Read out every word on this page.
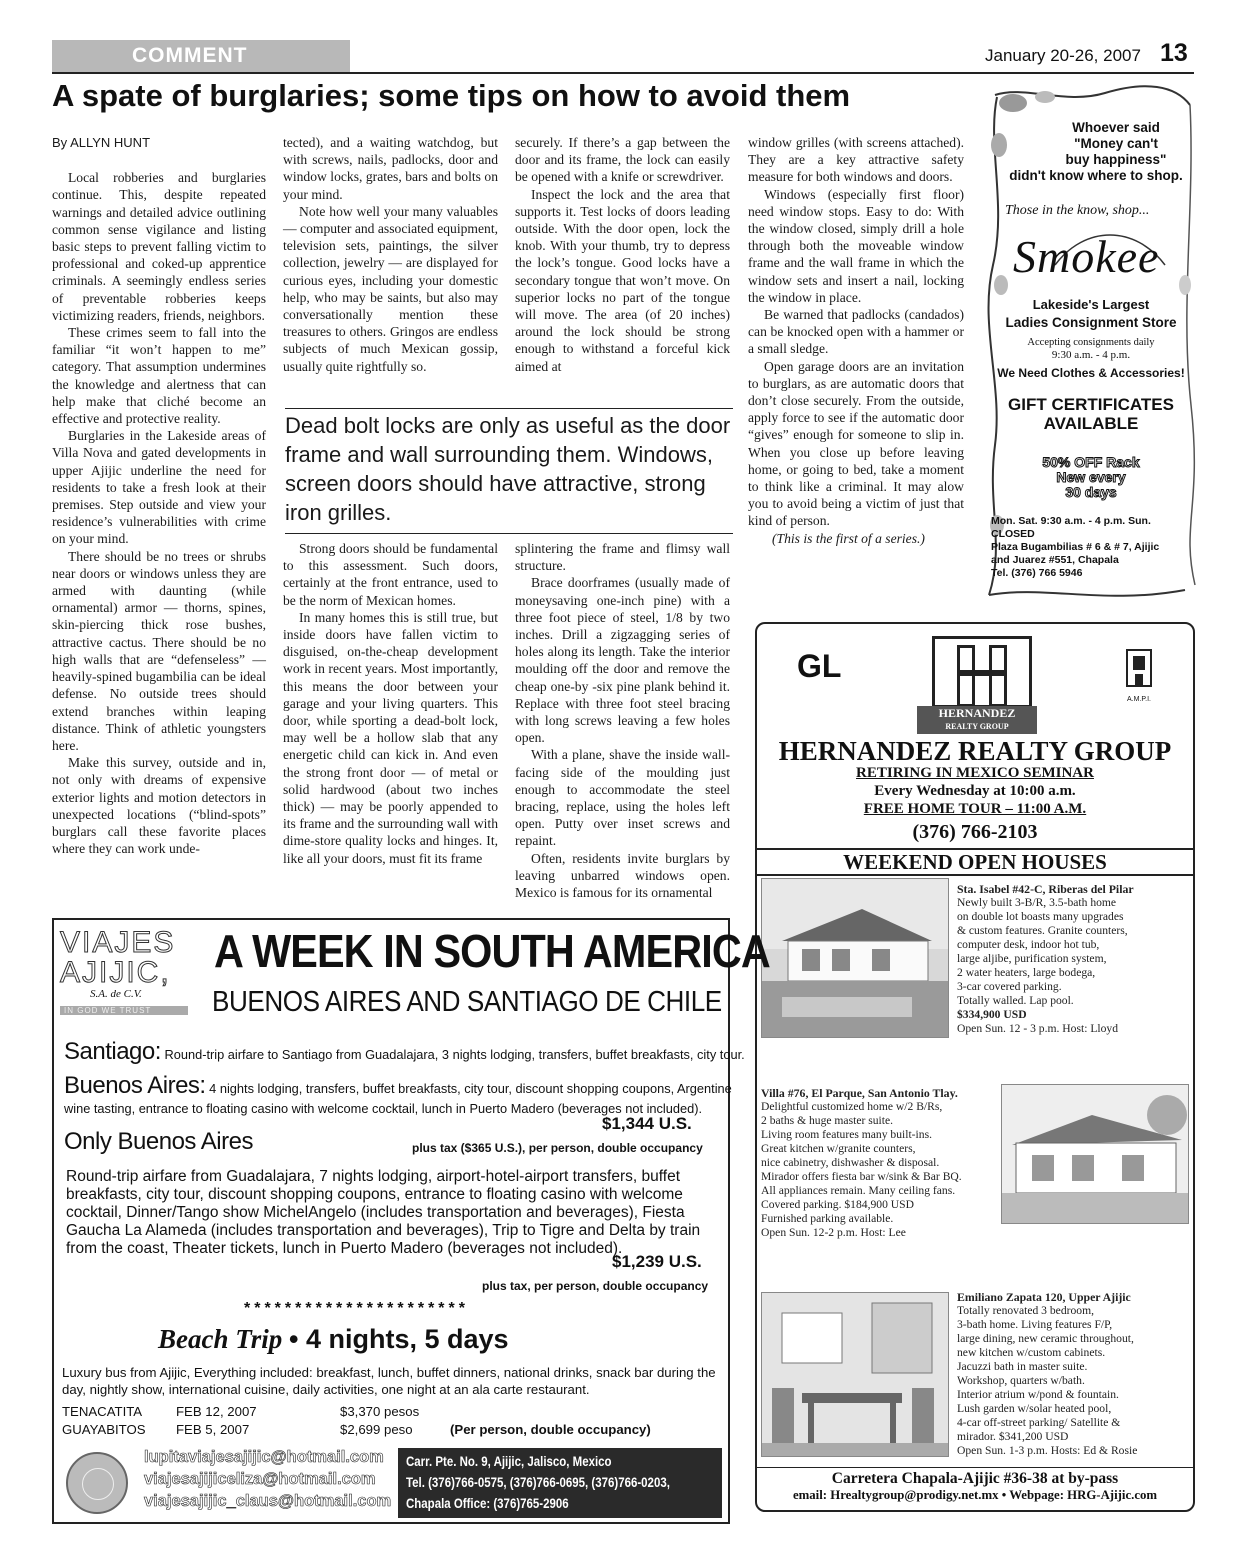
COMMENT	January 20-26, 2007 13
A spate of burglaries; some tips on how to avoid them

By ALLYN HUNT

Local robberies and burglaries continue. This, despite repeated warnings and detailed advice outlining common sense vigilance and listing basic steps to prevent falling victim to professional and coked-up apprentice criminals. A seemingly endless series of preventable robberies keeps victimizing readers, friends, neighbors.

These crimes seem to fall into the familiar “it won’t happen to me” category. That assumption undermines the knowledge and alertness that can help make that cliché become an effective and protective reality.

Burglaries in the Lakeside areas of Villa Nova and gated developments in upper Ajijic underline the need for residents to take a fresh look at their premises. Step outside and view your residence’s vulnerabilities with crime on your mind.

There should be no trees or shrubs near doors or windows unless they are armed with daunting (while ornamental) armor — thorns, spines, skin-piercing thick rose bushes, attractive cactus. There should be no high walls that are “defenseless” — heavily-spined bugambilia can be ideal defense. No outside trees should extend branches within leaping distance. Think of athletic youngsters here.

Make this survey, outside and in, not only with dreams of expensive exterior lights and motion detectors in unexpected locations (“blind-spots” burglars call these favorite places where they can work unde-

tected), and a waiting watchdog, but with screws, nails, padlocks, door and window locks, grates, bars and bolts on your mind.

Note how well your many valuables — computer and associated equipment, television sets, paintings, the silver collection, jewelry — are displayed for curious eyes, including your domestic help, who may be saints, but also may conversationally mention these treasures to others. Gringos are endless subjects of much Mexican gossip, usually quite rightfully so.

securely. If there’s a gap between the door and its frame, the lock can easily be opened with a knife or screwdriver.

Inspect the lock and the area that supports it. Test locks of doors leading outside. With the door open, lock the knob. With your thumb, try to depress the lock’s tongue. Good locks have a secondary tongue that won’t move. On superior locks no part of the tongue will move. The area (of 20 inches) around the lock should be strong enough to withstand a forceful kick aimed at

Dead bolt locks are only as useful as the door frame and wall surrounding them. Windows, screen doors should have attractive, strong iron grilles.

Strong doors should be fundamental to this assessment. Such doors, certainly at the front entrance, used to be the norm of Mexican homes.

In many homes this is still true, but inside doors have fallen victim to disguised, on-the-cheap development work in recent years. Most importantly, this means the door between your garage and your living quarters. This door, while sporting a dead-bolt lock, may well be a hollow slab that any energetic child can kick in. And even the strong front door — of metal or solid hardwood (about two inches thick) — may be poorly appended to its frame and the surrounding wall with dime-store quality locks and hinges. It, like all your doors, must fit its frame

splintering the frame and flimsy wall structure.

Brace doorframes (usually made of moneysaving one-inch pine) with a three foot piece of steel, 1/8 by two inches. Drill a zigzagging series of holes along its length. Take the interior moulding off the door and remove the cheap one-by -six pine plank behind it. Replace with three foot steel bracing with long screws leaving a few holes open.

With a plane, shave the inside wall-facing side of the moulding just enough to accommodate the steel bracing, replace, using the holes left open. Putty over inset screws and repaint.

Often, residents invite burglars by leaving unbarred windows open. Mexico is famous for its ornamental

window grilles (with screens attached). They are a key attractive safety measure for both windows and doors.

Windows (especially first floor) need window stops. Easy to do: With the window closed, simply drill a hole through both the moveable window frame and the wall frame in which the window sets and insert a nail, locking the window in place.

Be warned that padlocks (candados) can be knocked open with a hammer or a small sledge.

Open garage doors are an invitation to burglars, as are automatic doors that don’t close securely. From the outside, apply force to see if the automatic door “gives” enough for someone to slip in. When you close up before leaving home, or going to bed, take a moment to think like a criminal. It may alow you to avoid being a victim of just that kind of person.

(This is the first of a series.)

Whoever said
"Money can't
buy happiness"
didn't know where to shop.
Those in the know, shop...
Smokee
Lakeside's Largest
Ladies Consignment Store
Accepting consignments daily
9:30 a.m. - 4 p.m.
We Need Clothes & Accessories!
GIFT CERTIFICATES
AVAILABLE
50% OFF Rack
New every
30 days
Mon. Sat. 9:30 a.m. - 4 p.m. Sun.
CLOSED
Plaza Bugambilias # 6 & # 7, Ajijic
and Juarez #551, Chapala
Tel. (376) 766 5946
GL
HERNANDEZ
REALTY GROUP
A.M.P.I.
HERNANDEZ REALTY GROUP
RETIRING IN MEXICO SEMINAR
Every Wednesday at 10:00 a.m.
FREE HOME TOUR – 11:00 A.M.
(376) 766-2103
WEEKEND OPEN HOUSES
Sta. Isabel #42-C, Riberas del Pilar
Newly built 3-B/R, 3.5-bath home
on double lot boasts many upgrades
& custom features. Granite counters,
computer desk, indoor hot tub,
large aljibe, purification system,
2 water heaters, large bodega,
3-car covered parking.
Totally walled. Lap pool.
$334,900 USD
Open Sun. 12 - 3 p.m. Host: Lloyd
Villa #76, El Parque, San Antonio Tlay.
Delightful customized home w/2 B/Rs,
2 baths & huge master suite.
Living room features many built-ins.
Great kitchen w/granite counters,
nice cabinetry, dishwasher & disposal.
Mirador offers fiesta bar w/sink & Bar BQ.
All appliances remain. Many ceiling fans.
Covered parking. $184,900 USD
Furnished parking available.
Open Sun. 12-2 p.m. Host: Lee
Emiliano Zapata 120, Upper Ajijic
Totally renovated 3 bedroom,
3-bath home. Living features F/P,
large dining, new ceramic throughout,
new kitchen w/custom cabinets.
Jacuzzi bath in master suite.
Workshop, quarters w/bath.
Interior atrium w/pond & fountain.
Lush garden w/solar heated pool,
4-car off-street parking/ Satellite &
mirador. $341,200 USD
Open Sun. 1-3 p.m. Hosts: Ed & Rosie
Carretera Chapala-Ajijic #36-38 at by-pass
email: Hrealtygroup@prodigy.net.mx • Webpage: HRG-Ajijic.com
VIAJES
AJIJIC,
S.A. de C.V.
IN GOD WE TRUST
A WEEK IN SOUTH AMERICA
BUENOS AIRES AND SANTIAGO DE CHILE
Santiago: Round-trip airfare to Santiago from Guadalajara, 3 nights lodging, transfers, buffet breakfasts, city tour.
Buenos Aires: 4 nights lodging, transfers, buffet breakfasts, city tour, discount shopping coupons, Argentine
wine tasting, entrance to floating casino with welcome cocktail, lunch in Puerto Madero (beverages not included).
$1,344 U.S.
Only Buenos Aires	plus tax ($365 U.S.), per person, double occupancy
Round-trip airfare from Guadalajara, 7 nights lodging, airport-hotel-airport transfers, buffet breakfasts, city tour, discount shopping coupons, entrance to floating casino with welcome cocktail, Dinner/Tango show MichelAngelo (includes transportation and beverages), Fiesta Gaucha La Alameda (includes transportation and beverages), Trip to Tigre and Delta by train from the coast, Theater tickets, lunch in Puerto Madero (beverages not included).
$1,239 U.S.
plus tax, per person, double occupancy
**********************
Beach Trip • 4 nights, 5 days
Luxury bus from Ajijic, Everything included: breakfast, lunch, buffet dinners, national drinks, snack bar during the day, nightly show, international cuisine, daily activities, one night at an ala carte restaurant.
TENACATITA	FEB 12, 2007	$3,370 pesos
GUAYABITOS FEB 5, 2007	$2,699 peso	(Per person, double occupancy)
lupitaviajesajijic@hotmail.com
viajesajijiceliza@hotmail.com
viajesajijic_claus@hotmail.com
Carr. Pte. No. 9, Ajijic, Jalisco, Mexico
Tel. (376)766-0575, (376)766-0695, (376)766-0203,
Chapala Office: (376)765-2906
